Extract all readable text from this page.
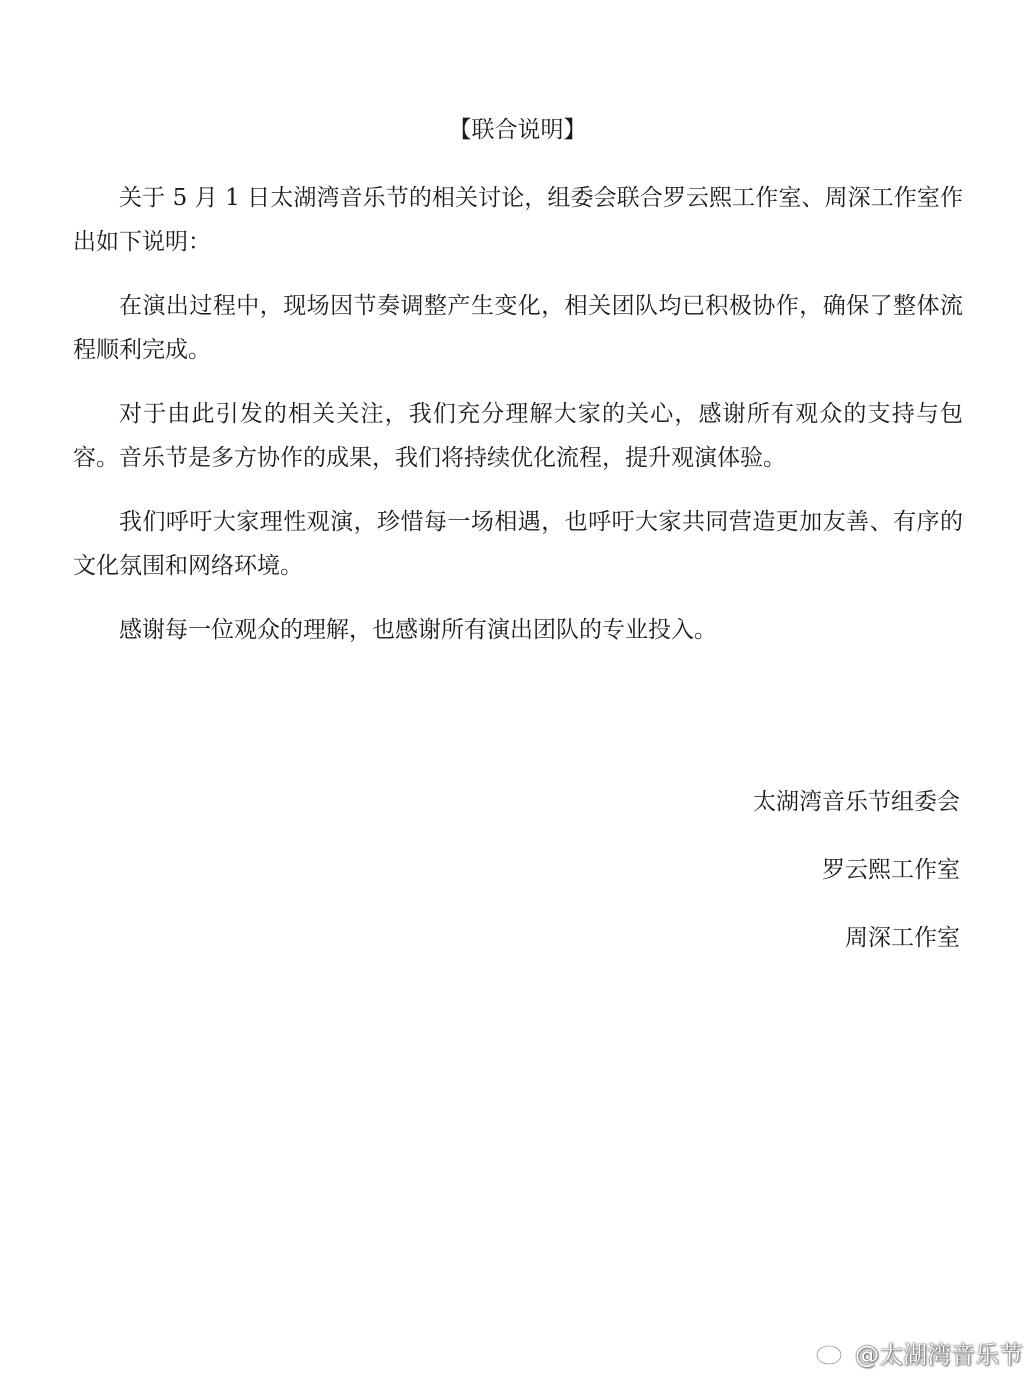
【联合说明】

关于 5 月 1 日太湖湾音乐节的相关讨论，组委会联合罗云熙工作室、周深工作室作出如下说明：

在演出过程中，现场因节奏调整产生变化，相关团队均已积极协作，确保了整体流程顺利完成。

对于由此引发的相关关注，我们充分理解大家的关心，感谢所有观众的支持与包容。音乐节是多方协作的成果，我们将持续优化流程，提升观演体验。

我们呼吁大家理性观演，珍惜每一场相遇，也呼吁大家共同营造更加友善、有序的文化氛围和网络环境。

感谢每一位观众的理解，也感谢所有演出团队的专业投入。

太湖湾音乐节组委会

罗云熙工作室

周深工作室

@太湖湾音乐节
